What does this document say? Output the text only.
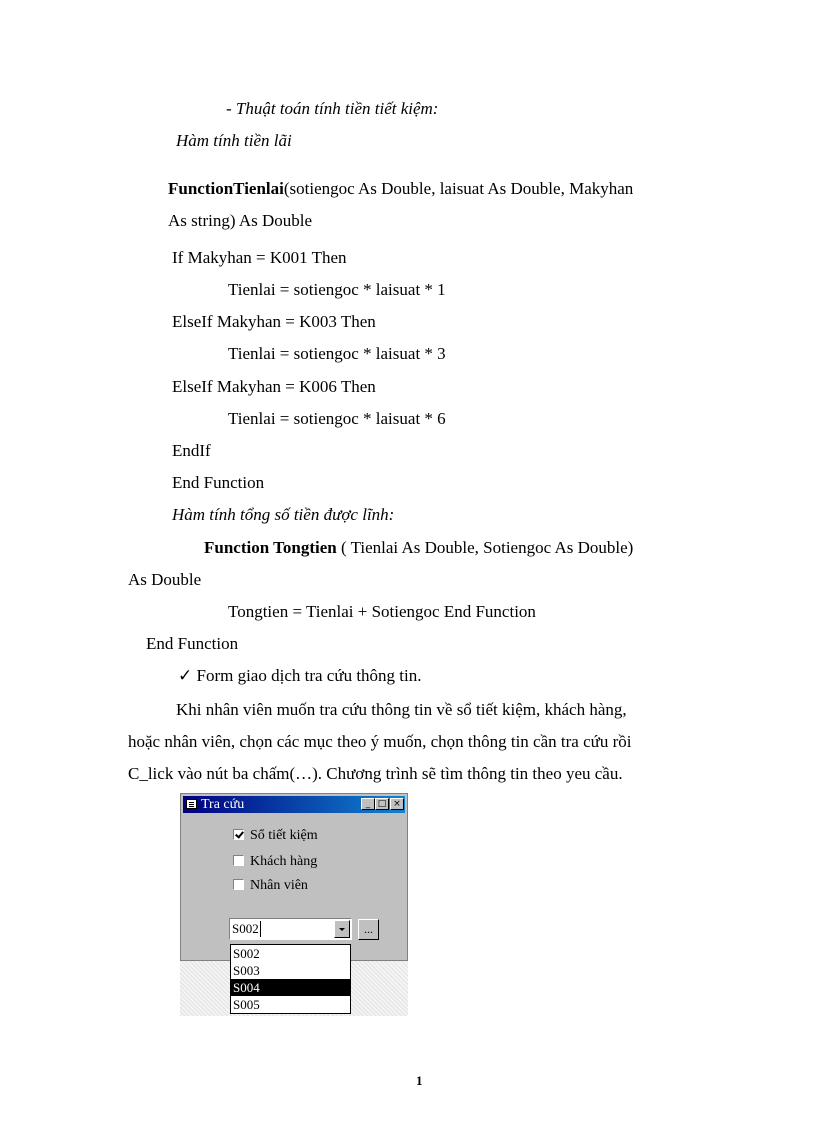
- Thuật toán tính tiền tiết kiệm:
Hàm tính tiền lãi
FunctionTienlai(sotiengoc As Double, laisuat As Double, Makyhan
As string) As Double
If Makyhan = K001 Then
Tienlai = sotiengoc * laisuat * 1
ElseIf Makyhan = K003 Then
Tienlai = sotiengoc * laisuat * 3
ElseIf Makyhan = K006 Then
Tienlai = sotiengoc * laisuat * 6
EndIf
End Function
Hàm tính tổng số tiền được lĩnh:
Function Tongtien ( Tienlai As Double, Sotiengoc As Double)
As Double
Tongtien = Tienlai + Sotiengoc End Function
End Function
✓ Form giao dịch tra cứu thông tin.
Khi nhân viên muốn tra cứu thông tin về sổ tiết kiệm, khách hàng,
hoặc nhân viên, chọn các mục theo ý muốn, chọn thông tin cần tra cứu rồi
C_lick vào nút ba chấm(…). Chương trình sẽ tìm thông tin theo yeu cầu.
Tra cứu	_ □ ×
Sổ tiết kiệm
Khách hàng
Nhân viên
S002	...
S002
S003
S004
S005
1
